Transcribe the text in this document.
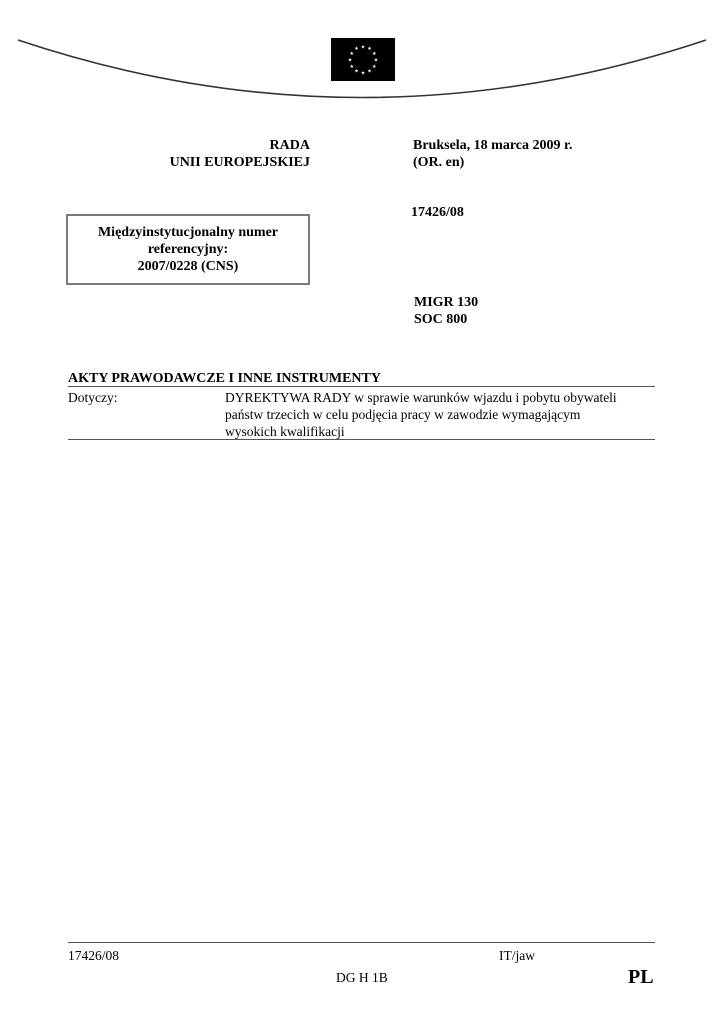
★ ★
★
★
★
★
★
★
★
★
★
★
RADA
UNII EUROPEJSKIEJ
Bruksela, 18 marca 2009 r.
(OR. en)
17426/08
Międzyinstytucjonalny numer
referencyjny:
2007/0228 (CNS)
MIGR 130
SOC 800
AKTY PRAWODAWCZE I INNE INSTRUMENTY
Dotyczy:	DYREKTYWA RADY w sprawie warunków wjazdu i pobytu obywateli
państw trzecich w celu podjęcia pracy w zawodzie wymagającym
wysokich kwalifikacji
17426/08	IT/jaw
DG H 1B	PL
